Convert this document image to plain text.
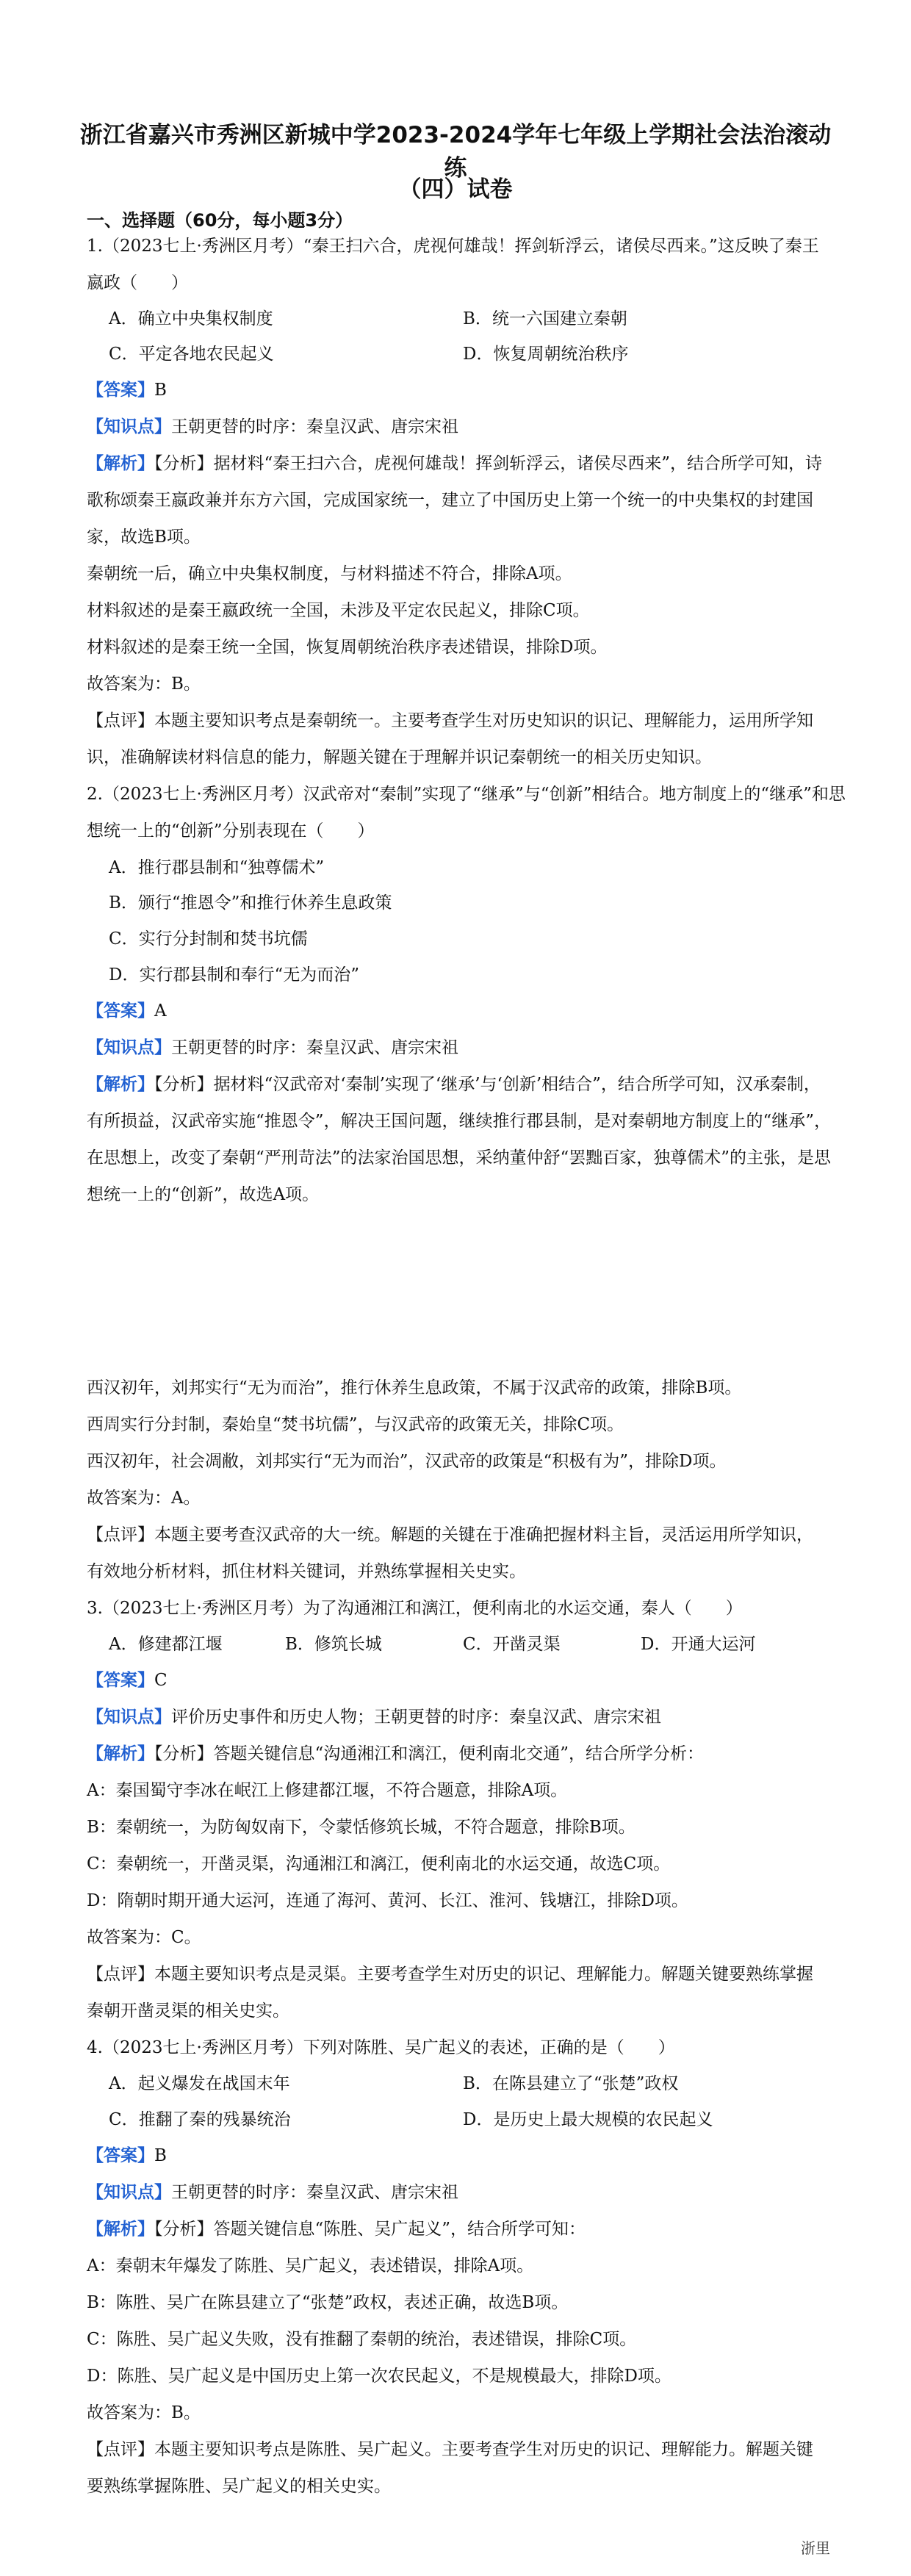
浙江省嘉兴市秀洲区新城中学2023-2024学年七年级上学期社会法治滚动练
（四）试卷
一、选择题（60分，每小题3分）
1.（2023七上·秀洲区月考）“秦王扫六合，虎视何雄哉！挥剑斩浮云，诸侯尽西来。”这反映了秦王
嬴政（　　）
A．确立中央集权制度	B．统一六国建立秦朝
C．平定各地农民起义	D．恢复周朝统治秩序
【答案】B
【知识点】王朝更替的时序：秦皇汉武、唐宗宋祖
【解析】【分析】据材料“秦王扫六合，虎视何雄哉！挥剑斩浮云，诸侯尽西来”，结合所学可知，诗
歌称颂秦王嬴政兼并东方六国，完成国家统一，建立了中国历史上第一个统一的中央集权的封建国
家，故选B项。
秦朝统一后，确立中央集权制度，与材料描述不符合，排除A项。
材料叙述的是秦王嬴政统一全国，未涉及平定农民起义，排除C项。
材料叙述的是秦王统一全国，恢复周朝统治秩序表述错误，排除D项。
故答案为：B。
【点评】本题主要知识考点是秦朝统一。主要考查学生对历史知识的识记、理解能力，运用所学知
识，准确解读材料信息的能力，解题关键在于理解并识记秦朝统一的相关历史知识。
2.（2023七上·秀洲区月考）汉武帝对“秦制”实现了“继承”与“创新”相结合。地方制度上的“继承”和思
想统一上的“创新”分别表现在（　　）
A．推行郡县制和“独尊儒术”
B．颁行“推恩令”和推行休养生息政策
C．实行分封制和焚书坑儒
D．实行郡县制和奉行“无为而治”
【答案】A
【知识点】王朝更替的时序：秦皇汉武、唐宗宋祖
【解析】【分析】据材料“汉武帝对‘秦制’实现了‘继承’与‘创新’相结合”，结合所学可知，汉承秦制，
有所损益，汉武帝实施“推恩令”，解决王国问题，继续推行郡县制，是对秦朝地方制度上的“继承”，
在思想上，改变了秦朝“严刑苛法”的法家治国思想，采纳董仲舒“罢黜百家，独尊儒术”的主张，是思
想统一上的“创新”，故选A项。
西汉初年，刘邦实行“无为而治”，推行休养生息政策，不属于汉武帝的政策，排除B项。
西周实行分封制，秦始皇“焚书坑儒”，与汉武帝的政策无关，排除C项。
西汉初年，社会凋敝，刘邦实行“无为而治”，汉武帝的政策是“积极有为”，排除D项。
故答案为：A。
【点评】本题主要考查汉武帝的大一统。解题的关键在于准确把握材料主旨，灵活运用所学知识，
有效地分析材料，抓住材料关键词，并熟练掌握相关史实。
3.（2023七上·秀洲区月考）为了沟通湘江和漓江，便利南北的水运交通，秦人（　　）
A．修建都江堰	B．修筑长城	C．开凿灵渠	D．开通大运河
【答案】C
【知识点】评价历史事件和历史人物；王朝更替的时序：秦皇汉武、唐宗宋祖
【解析】【分析】答题关键信息“沟通湘江和漓江，便利南北交通”，结合所学分析：
A：秦国蜀守李冰在岷江上修建都江堰，不符合题意，排除A项。
B：秦朝统一，为防匈奴南下，令蒙恬修筑长城，不符合题意，排除B项。
C：秦朝统一，开凿灵渠，沟通湘江和漓江，便利南北的水运交通，故选C项。
D：隋朝时期开通大运河，连通了海河、黄河、长江、淮河、钱塘江，排除D项。
故答案为：C。
【点评】本题主要知识考点是灵渠。主要考查学生对历史的识记、理解能力。解题关键要熟练掌握
秦朝开凿灵渠的相关史实。
4.（2023七上·秀洲区月考）下列对陈胜、吴广起义的表述，正确的是（　　）
A．起义爆发在战国末年	B．在陈县建立了“张楚”政权
C．推翻了秦的残暴统治	D．是历史上最大规模的农民起义
【答案】B
【知识点】王朝更替的时序：秦皇汉武、唐宗宋祖
【解析】【分析】答题关键信息“陈胜、吴广起义”，结合所学可知：
A：秦朝末年爆发了陈胜、吴广起义，表述错误，排除A项。
B：陈胜、吴广在陈县建立了“张楚”政权，表述正确，故选B项。
C：陈胜、吴广起义失败，没有推翻了秦朝的统治，表述错误，排除C项。
D：陈胜、吴广起义是中国历史上第一次农民起义，不是规模最大，排除D项。
故答案为：B。
【点评】本题主要知识考点是陈胜、吴广起义。主要考查学生对历史的识记、理解能力。解题关键
要熟练掌握陈胜、吴广起义的相关史实。
浙里
